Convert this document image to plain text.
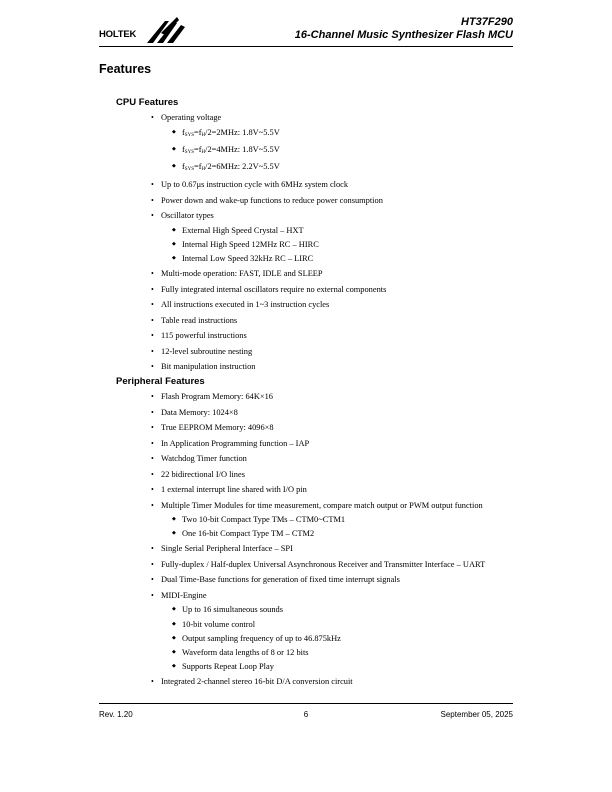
HOLTEK
HT37F290
16-Channel Music Synthesizer Flash MCU
Features
CPU Features
• Operating voltage
◆ $f_{SYS}=f_H/2=2MHz$: 1.8V~5.5V
◆ $f_{SYS}=f_H/2=4MHz$: 1.8V~5.5V
◆ $f_{SYS}=f_H/2=6MHz$: 2.2V~5.5V
• Up to 0.67μs instruction cycle with 6MHz system clock
• Power down and wake-up functions to reduce power consumption
• Oscillator types
◆ External High Speed Crystal – HXT
◆ Internal High Speed 12MHz RC – HIRC
◆ Internal Low Speed 32kHz RC – LIRC
• Multi-mode operation: FAST, IDLE and SLEEP
• Fully integrated internal oscillators require no external components
• All instructions executed in 1~3 instruction cycles
• Table read instructions
• 115 powerful instructions
• 12-level subroutine nesting
• Bit manipulation instruction
Peripheral Features
• Flash Program Memory: 64K×16
• Data Memory: 1024×8
• True EEPROM Memory: 4096×8
• In Application Programming function – IAP
• Watchdog Timer function
• 22 bidirectional I/O lines
• 1 external interrupt line shared with I/O pin
• Multiple Timer Modules for time measurement, compare match output or PWM output function
◆ Two 10-bit Compact Type TMs – CTM0~CTM1
◆ One 16-bit Compact Type TM – CTM2
• Single Serial Peripheral Interface – SPI
• Fully-duplex / Half-duplex Universal Asynchronous Receiver and Transmitter Interface – UART
• Dual Time-Base functions for generation of fixed time interrupt signals
• MIDI-Engine
◆ Up to 16 simultaneous sounds
◆ 10-bit volume control
◆ Output sampling frequency of up to 46.875kHz
◆ Waveform data lengths of 8 or 12 bits
◆ Supports Repeat Loop Play
• Integrated 2-channel stereo 16-bit D/A conversion circuit
Rev. 1.20	6	September 05, 2025
